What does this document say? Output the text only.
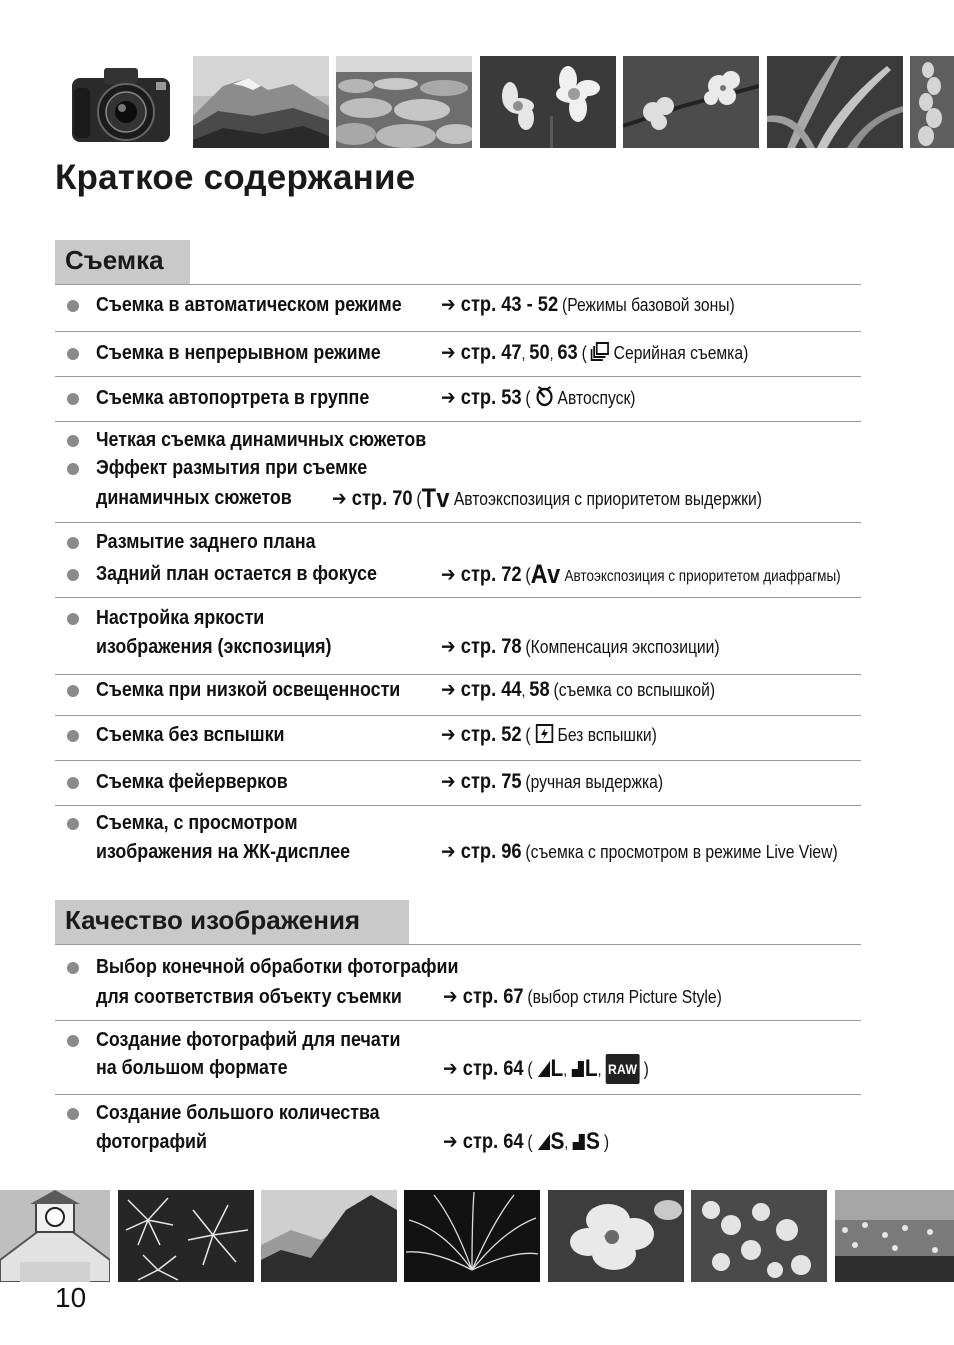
Краткое содержание
Съемка
Съемка в автоматическом режиме ➔ стр. 43 - 52 (Режимы базовой зоны)
Съемка в непрерывном режиме	➔ стр. 47, 50, 63 ( Серийная съемка)
Съемка автопортрета в группе	➔ стр. 53 ( Автоспуск)
Четкая съемка динамичных сюжетов
Эффект размытия при съемке
динамичных сюжетов ➔ стр. 70 (Tv Автоэкспозиция с приоритетом выдержки)
Размытие заднего плана
Задний план остается в фокусе	➔ стр. 72 (Av Автоэкспозиция с приоритетом диафрагмы)
Настройка яркости
изображения (экспозиция)	➔ стр. 78 (Компенсация экспозиции)
Съемка при низкой освещенности ➔ стр. 44, 58 (съемка со вспышкой)
Съемка без вспышки	➔ стр. 52 ( Без вспышки)
Съемка фейерверков	➔ стр. 75 (ручная выдержка)
Съемка, с просмотром
изображения на ЖК-дисплее	➔ стр. 96 (съемка с просмотром в режиме Live View)
Качество изображения
Выбор конечной обработки фотографии
для соответствия объекту съемки ➔ стр. 67 (выбор стиля Picture Style)
Создание фотографий для печати
на большом формате	➔ стр. 64 ( L, L, RAW )
Создание большого количества
фотографий	➔ стр. 64 ( S, S )
10
